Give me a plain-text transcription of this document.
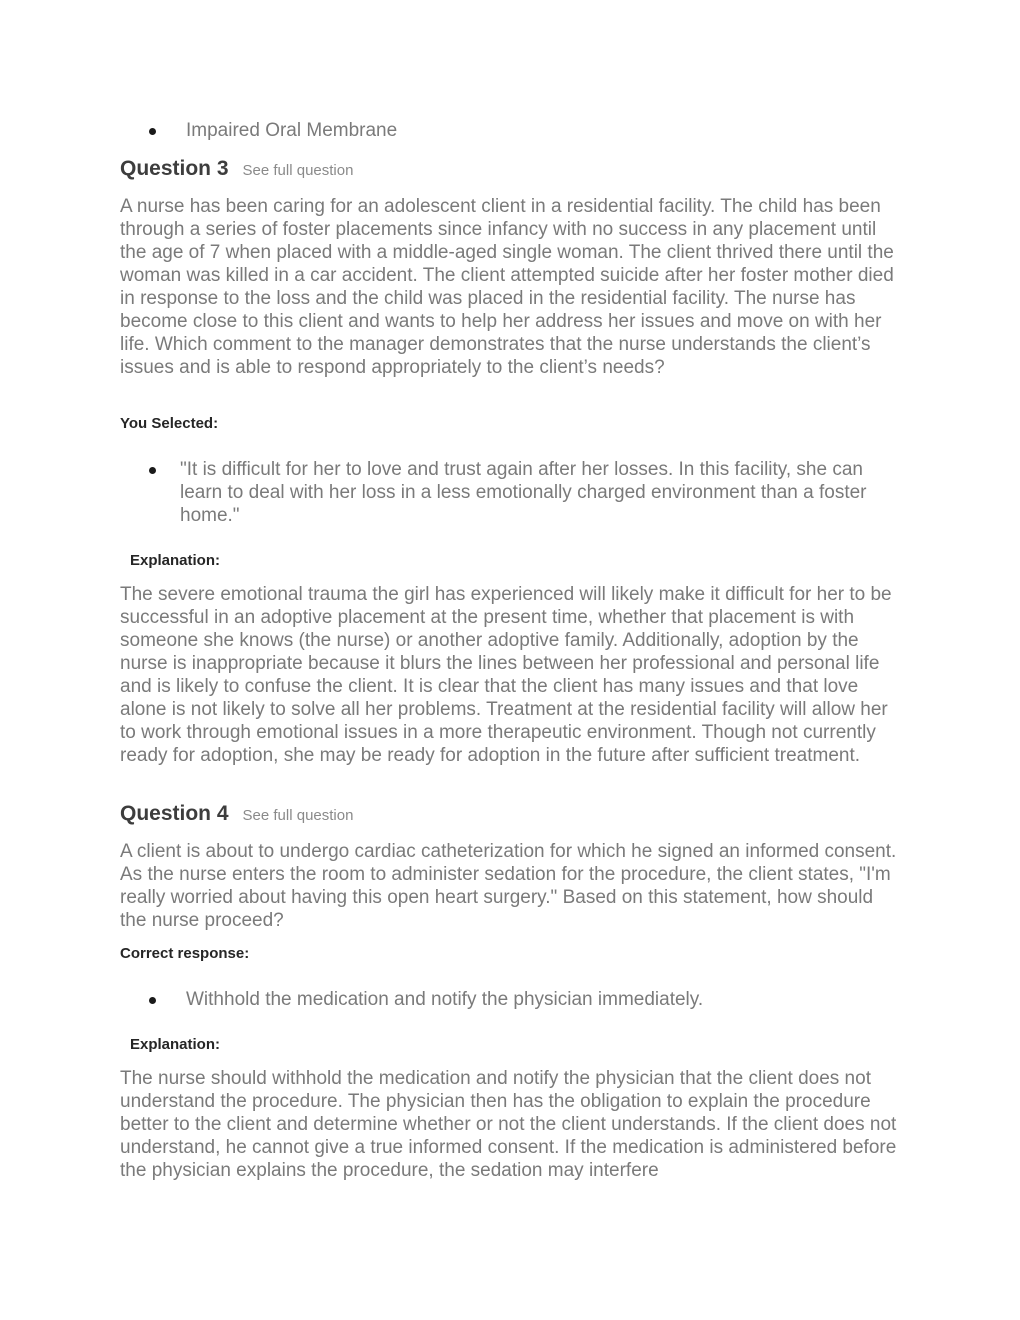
Impaired Oral Membrane
Question 3 See full question

A nurse has been caring for an adolescent client in a residential facility. The child has been through a series of foster placements since infancy with no success in any placement until the age of 7 when placed with a middle-aged single woman. The client thrived there until the woman was killed in a car accident. The client attempted suicide after her foster mother died in response to the loss and the child was placed in the residential facility. The nurse has become close to this client and wants to help her address her issues and move on with her life. Which comment to the manager demonstrates that the nurse understands the client’s issues and is able to respond appropriately to the client’s needs?

You Selected:
"It is difficult for her to love and trust again after her losses. In this facility, she can learn to deal with her loss in a less emotionally charged environment than a foster home."
Explanation:

The severe emotional trauma the girl has experienced will likely make it difficult for her to be successful in an adoptive placement at the present time, whether that placement is with someone she knows (the nurse) or another adoptive family. Additionally, adoption by the nurse is inappropriate because it blurs the lines between her professional and personal life and is likely to confuse the client. It is clear that the client has many issues and that love alone is not likely to solve all her problems. Treatment at the residential facility will allow her to work through emotional issues in a more therapeutic environment. Though not currently ready for adoption, she may be ready for adoption in the future after sufficient treatment.

Question 4 See full question

A client is about to undergo cardiac catheterization for which he signed an informed consent. As the nurse enters the room to administer sedation for the procedure, the client states, "I'm really worried about having this open heart surgery." Based on this statement, how should the nurse proceed?

Correct response:
Withhold the medication and notify the physician immediately.
Explanation:

The nurse should withhold the medication and notify the physician that the client does not understand the procedure. The physician then has the obligation to explain the procedure better to the client and determine whether or not the client understands. If the client does not understand, he cannot give a true informed consent. If the medication is administered before the physician explains the procedure, the sedation may interfere
